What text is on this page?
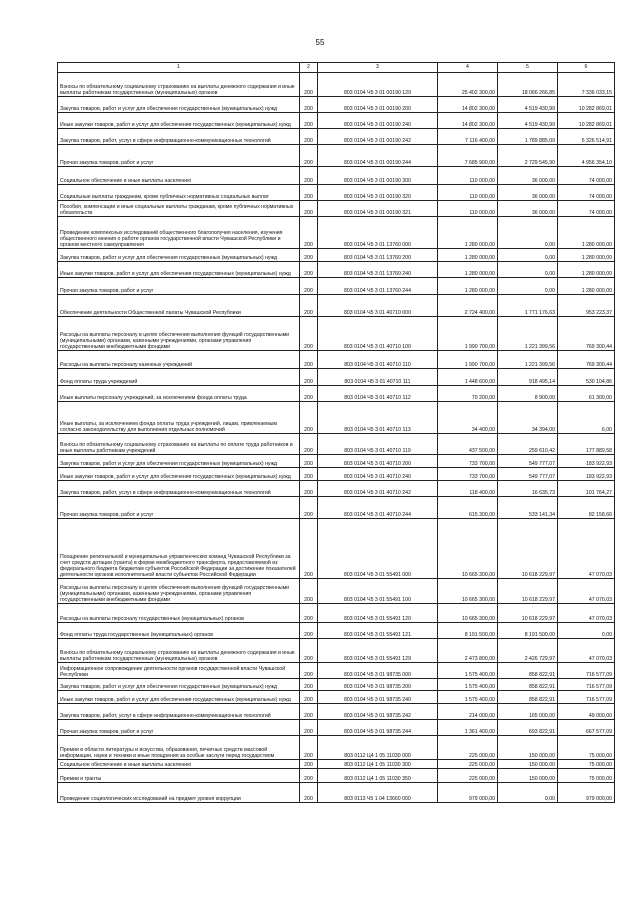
55
1	2	3	4	5	6
Взносы по обязательному социальному страхованию на выплаты денежного содержания и иные выплаты работникам государственных (муниципальных) органов	200	803 0104 Ч5 3 01 00190 129	25 402 300,00	18 066 266,85	7 336 033,15
Закупка товаров, работ и услуг для обеспечения государственных (муниципальных) нужд	200	803 0104 Ч5 3 01 00190 200	14 802 300,00	4 519 430,99	10 282 869,01
Иные закупки товаров, работ и услуг для обеспечения государственных (муниципальных) нужд	200	803 0104 Ч5 3 01 00190 240	14 802 300,00	4 519 430,99	10 282 869,01
Закупка товаров, работ, услуг в сфере информационно-коммуникационных технологий	200	803 0104 Ч5 3 01 00190 242	7 116 400,00	1 789 885,09	5 326 514,91
Прочая закупка товаров, работ и услуг	200	803 0104 Ч5 3 01 00190 244	7 685 900,00	2 729 545,90	4 956 354,10
Социальное обеспечение и иные выплаты населению	200	803 0104 Ч5 3 01 00190 300	110 000,00	36 000,00	74 000,00
Социальные выплаты гражданам, кроме публичных нормативных социальных выплат	200	803 0104 Ч5 3 01 00190 320	110 000,00	36 000,00	74 000,00
Пособия, компенсации и иные социальные выплаты гражданам, кроме публичных нормативных обязательств	200	803 0104 Ч5 3 01 00190 321	110 000,00	36 000,00	74 000,00
Проведение комплексных исследований общественного благополучия населения, изучения общественного мнения о работе органов государственной власти Чувашской Республики и органов местного самоуправления	200	803 0104 Ч5 3 01 13760 000	1 280 000,00	0,00	1 280 000,00
Закупка товаров, работ и услуг для обеспечения государственных (муниципальных) нужд	200	803 0104 Ч5 3 01 13760 200	1 280 000,00	0,00	1 280 000,00
Иные закупки товаров, работ и услуг для обеспечения государственных (муниципальных) нужд	200	803 0104 Ч5 3 01 13760 240	1 280 000,00	0,00	1 280 000,00
Прочая закупка товаров, работ и услуг	200	803 0104 Ч5 3 01 13760 244	1 280 000,00	0,00	1 280 000,00
Обеспечение деятельности Общественной палаты Чувашской Республики	200	803 0104 Ч5 3 01 40710 000	2 724 400,00	1 771 176,63	953 223,37
Расходы на выплаты персоналу в целях обеспечения выполнения функций государственными (муниципальными) органами, казенными учреждениями, органами управления государственными внебюджетными фондами	200	803 0104 Ч5 3 01 40710 100	1 990 700,00	1 221 399,56	769 300,44
Расходы на выплаты персоналу казенных учреждений	200	803 0104 Ч5 3 01 40710 110	1 990 700,00	1 221 399,56	769 300,44
Фонд оплаты труда учреждений	200	803 0104 Ч5 3 01 40710 111	1 448 600,00	918 495,14	530 104,86
Иные выплаты персоналу учреждений, за исключением фонда оплаты труда	200	803 0104 Ч5 3 01 40710 112	70 200,00	8 900,00	61 300,00
Иные выплаты, за исключением фонда оплаты труда учреждений, лицам, привлекаемым согласно законодательству для выполнения отдельных полномочий	200	803 0104 Ч5 3 01 40710 113	34 400,00	34 394,00	6,00
Взносы по обязательному социальному страхованию на выплаты по оплате труда работников и иные выплаты работникам учреждений	200	803 0104 Ч5 3 01 40710 119	437 500,00	259 610,42	177 889,58
Закупка товаров, работ и услуг для обеспечения государственных (муниципальных) нужд	200	803 0104 Ч5 3 01 40710 200	733 700,00	549 777,07	183 922,93
Иные закупки товаров, работ и услуг для обеспечения государственных (муниципальных) нужд	200	803 0104 Ч5 3 01 40710 240	733 700,00	549 777,07	183 922,93
Закупка товаров, работ, услуг в сфере информационно-коммуникационных технологий	200	803 0104 Ч5 3 01 40710 242	118 400,00	16 635,73	101 764,27
Прочая закупка товаров, работ и услуг	200	803 0104 Ч5 3 01 40710 244	615 300,00	533 141,34	82 158,66
Поощрение региональной и муниципальных управленческих команд Чувашской Республики за счет средств дотации (гранта) в форме межбюджетного трансферта, предоставляемой из федерального бюджета бюджетам субъектов Российской Федерации за достижение показателей деятельности органов исполнительной власти субъектов Российской Федерации	200	803 0104 Ч5 3 01 55491 000	10 665 300,00	10 618 229,97	47 070,03
Расходы на выплаты персоналу в целях обеспечения выполнения функций государственными (муниципальными) органами, казенными учреждениями, органами управления государственными внебюджетными фондами	200	803 0104 Ч5 3 01 55491 100	10 665 300,00	10 618 229,97	47 070,03
Расходы на выплаты персоналу государственных (муниципальных) органов	200	803 0104 Ч5 3 01 55491 120	10 665 300,00	10 618 229,97	47 070,03
Фонд оплаты труда государственных (муниципальных) органов	200	803 0104 Ч5 3 01 55491 121	8 191 500,00	8 191 500,00	0,00
Взносы по обязательному социальному страхованию на выплаты денежного содержания и иные выплаты работникам государственных (муниципальных) органов	200	803 0104 Ч5 3 01 55491 129	2 473 800,00	2 426 729,97	47 070,03
Информационное сопровождение деятельности органов государственной власти Чувашской Республики	200	803 0104 Ч5 3 01 98735 000	1 575 400,00	858 822,91	716 577,09
Закупка товаров, работ и услуг для обеспечения государственных (муниципальных) нужд	200	803 0104 Ч5 3 01 98735 200	1 575 400,00	858 822,91	716 577,09
Иные закупки товаров, работ и услуг для обеспечения государственных (муниципальных) нужд	200	803 0104 Ч5 3 01 98735 240	1 575 400,00	858 822,91	716 577,09
Закупка товаров, работ, услуг в сфере информационно-коммуникационных технологий	200	803 0104 Ч5 3 01 98735 242	214 000,00	165 000,00	49 000,00
Прочая закупка товаров, работ и услуг	200	803 0104 Ч5 3 01 98735 244	1 361 400,00	693 822,91	667 577,09
Премии в области литературы и искусства, образования, печатных средств массовой информации, науки и техники и иные поощрения за особые заслуги перед государством	200	803 0112 Ц4 1 05 11030 000	225 000,00	150 000,00	75 000,00
Социальное обеспечение и иные выплаты населению	200	803 0112 Ц4 1 05 11030 300	225 000,00	150 000,00	75 000,00
Премии и гранты	200	803 0112 Ц4 1 05 11030 350	225 000,00	150 000,00	75 000,00
Проведение социологических исследований на предмет уровня коррупции	200	803 0113 Ч5 1 04 13660 000	979 000,00	0,00	979 000,00
